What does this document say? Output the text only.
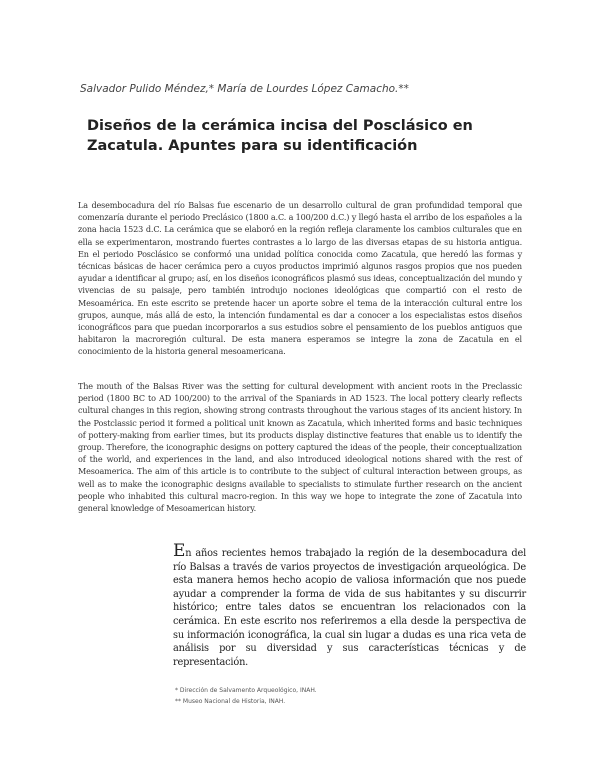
Salvador Pulido Méndez,* María de Lourdes López Camacho.**
Diseños de la cerámica incisa del Posclásico en Zacatula. Apuntes para su identificación

La desembocadura del río Balsas fue escenario de un desarrollo cultural de gran profundidad temporal que comenzaría durante el periodo Preclásico (1800 a.C. a 100/200 d.C.) y llegó hasta el arribo de los españoles a la zona hacia 1523 d.C. La cerámica que se elaboró en la región refleja claramente los cambios culturales que en ella se experimentaron, mostrando fuertes contrastes a lo largo de las diversas etapas de su historia antigua. En el periodo Posclásico se conformó una unidad política conocida como Zacatula, que heredó las formas y técnicas básicas de hacer cerámica pero a cuyos productos imprimió algunos rasgos propios que nos pueden ayudar a identificar al grupo; así, en los diseños iconográficos plasmó sus ideas, conceptualización del mundo y vivencias de su paisaje, pero también introdujo nociones ideológicas que compartió con el resto de Mesoamérica. En este escrito se pretende hacer un aporte sobre el tema de la interacción cultural entre los grupos, aunque, más allá de esto, la intención fundamental es dar a conocer a los especialistas estos diseños iconográficos para que puedan incorporarlos a sus estudios sobre el pensamiento de los pueblos antiguos que habitaron la macroregión cultural. De esta manera esperamos se integre la zona de Zacatula en el conocimiento de la historia general mesoamericana.

The mouth of the Balsas River was the setting for cultural development with ancient roots in the Preclassic period (1800 BC to AD 100/200) to the arrival of the Spaniards in AD 1523. The local pottery clearly reflects cultural changes in this region, showing strong contrasts throughout the various stages of its ancient history. In the Postclassic period it formed a political unit known as Zacatula, which inherited forms and basic techniques of pottery-making from earlier times, but its products display distinctive features that enable us to identify the group. Therefore, the iconographic designs on pottery captured the ideas of the people, their conceptualization of the world, and experiences in the land, and also introduced ideological notions shared with the rest of Mesoamerica. The aim of this article is to contribute to the subject of cultural interaction between groups, as well as to make the iconographic designs available to specialists to stimulate further research on the ancient people who inhabited this cultural macro-region. In this way we hope to integrate the zone of Zacatula into general knowledge of Mesoamerican history.

En años recientes hemos trabajado la región de la desembocadura del río Balsas a través de varios proyectos de investigación arqueológica. De esta manera hemos hecho acopio de valiosa información que nos puede ayudar a comprender la forma de vida de sus habitantes y su discurrir histórico; entre tales datos se encuentran los relacionados con la cerámica. En este escrito nos referiremos a ella desde la perspectiva de su información iconográfica, la cual sin lugar a dudas es una rica veta de análisis por su diversidad y sus características técnicas y de representación.

* Dirección de Salvamento Arqueológico, INAH.
** Museo Nacional de Historia, INAH.
